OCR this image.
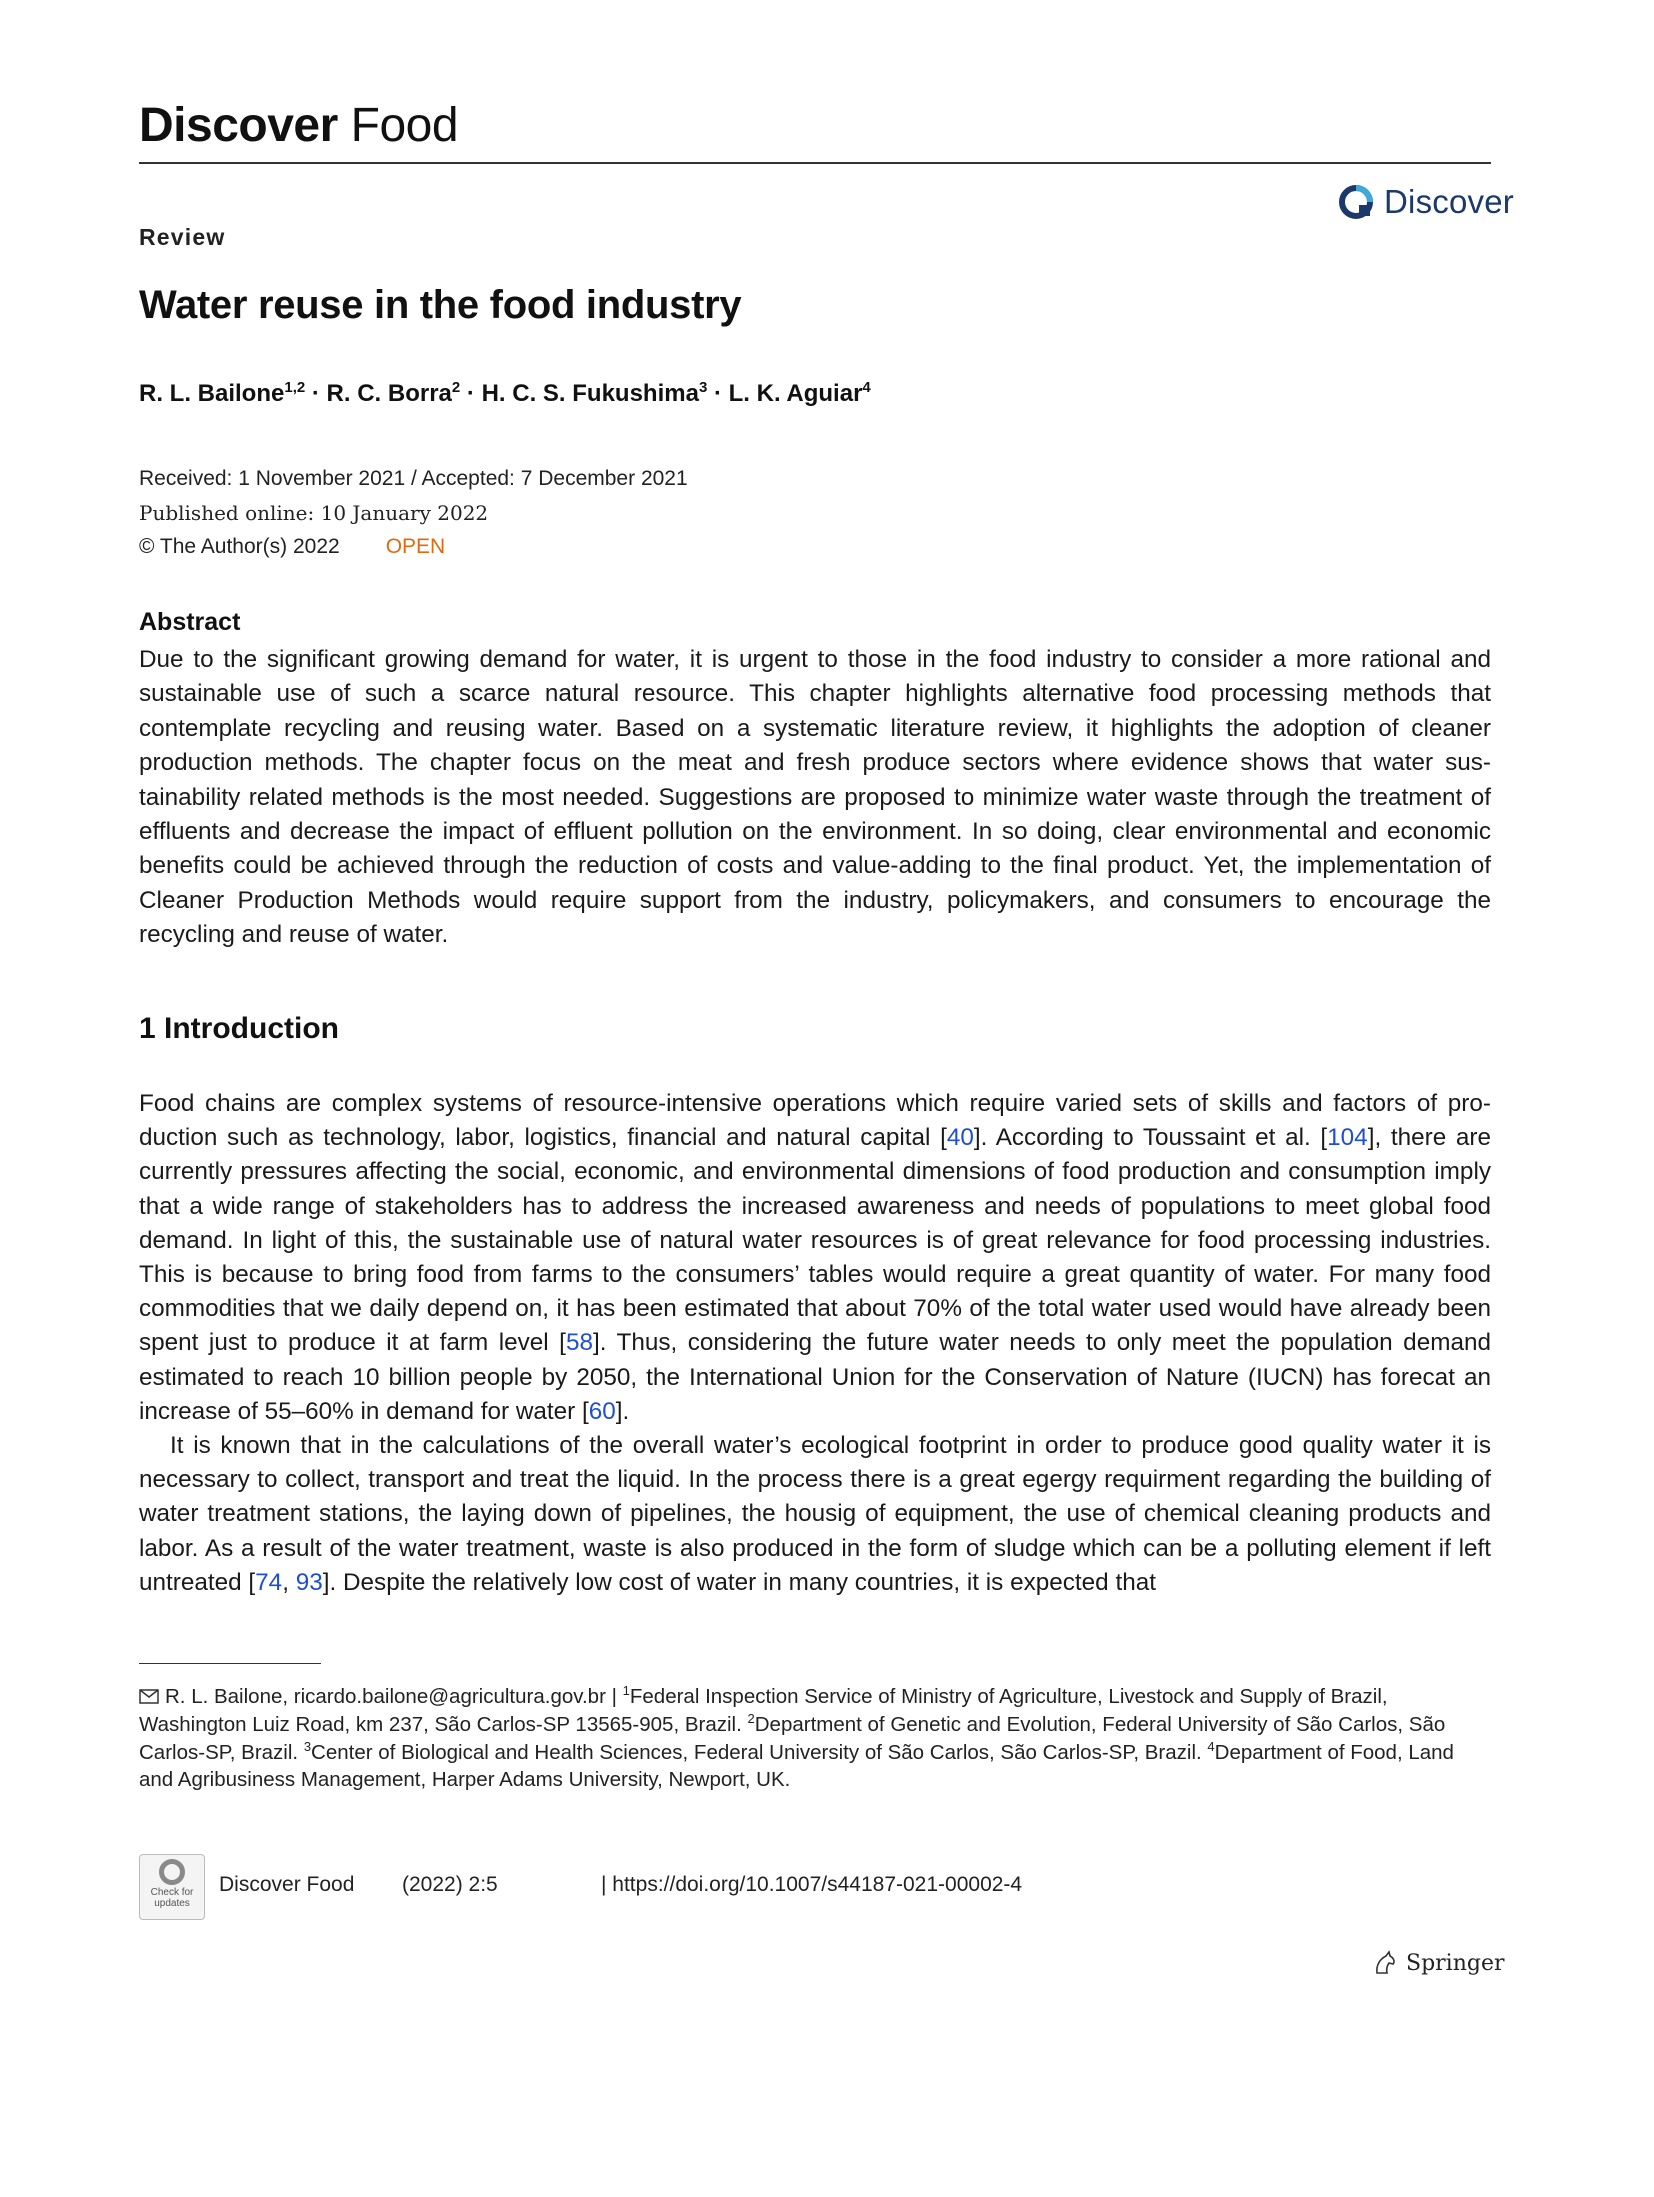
Discover Food
Discover
Review
Water reuse in the food industry
R. L. Bailone$^{1,2}$ · R. C. Borra$^2$ · H. C. S. Fukushima$^3$ · L. K. Aguiar$^4$
Received: 1 November 2021 / Accepted: 7 December 2021
Published online: 10 January 2022
© The Author(s) 2022 OPEN
Abstract
Due to the significant growing demand for water, it is urgent to those in the food industry to consider a more rational and sustainable use of such a scarce natural resource. This chapter highlights alternative food processing methods that contemplate recycling and reusing water. Based on a systematic literature review, it highlights the adoption of cleaner production methods. The chapter focus on the meat and fresh produce sectors where evidence shows that water sustainability related methods is the most needed. Suggestions are proposed to minimize water waste through the treatment of effluents and decrease the impact of effluent pollution on the environment. In so doing, clear environmental and economic benefits could be achieved through the reduction of costs and value-adding to the final product. Yet, the implementation of Cleaner Production Methods would require support from the industry, policymakers, and consumers to encourage the recycling and reuse of water.
1 Introduction

Food chains are complex systems of resource-intensive operations which require varied sets of skills and factors of production such as technology, labor, logistics, financial and natural capital [40]. According to Toussaint et al. [104], there are currently pressures affecting the social, economic, and environmental dimensions of food production and consumption imply that a wide range of stakeholders has to address the increased awareness and needs of populations to meet global food demand. In light of this, the sustainable use of natural water resources is of great relevance for food processing industries. This is because to bring food from farms to the consumers’ tables would require a great quantity of water. For many food commodities that we daily depend on, it has been estimated that about 70% of the total water used would have already been spent just to produce it at farm level [58]. Thus, considering the future water needs to only meet the population demand estimated to reach 10 billion people by 2050, the International Union for the Conservation of Nature (IUCN) has forecat an increase of 55–60% in demand for water [60].

It is known that in the calculations of the overall water’s ecological footprint in order to produce good quality water it is necessary to collect, transport and treat the liquid. In the process there is a great egergy requirment regarding the building of water treatment stations, the laying down of pipelines, the housig of equipment, the use of chemical cleaning products and labor. As a result of the water treatment, waste is also produced in the form of sludge which can be a polluting element if left untreated [74, 93]. Despite the relatively low cost of water in many countries, it is expected that

R. L. Bailone, ricardo.bailone@agricultura.gov.br | $^1$Federal Inspection Service of Ministry of Agriculture, Livestock and Supply of Brazil, Washington Luiz Road, km 237, São Carlos-SP 13565-905, Brazil. $^2$Department of Genetic and Evolution, Federal University of São Carlos, São Carlos-SP, Brazil. $^3$Center of Biological and Health Sciences, Federal University of São Carlos, São Carlos-SP, Brazil. $^4$Department of Food, Land and Agribusiness Management, Harper Adams University, Newport, UK.
Check for updates
Discover Food (2022) 2:5	| https://doi.org/10.1007/s44187-021-00002-4
Springer
